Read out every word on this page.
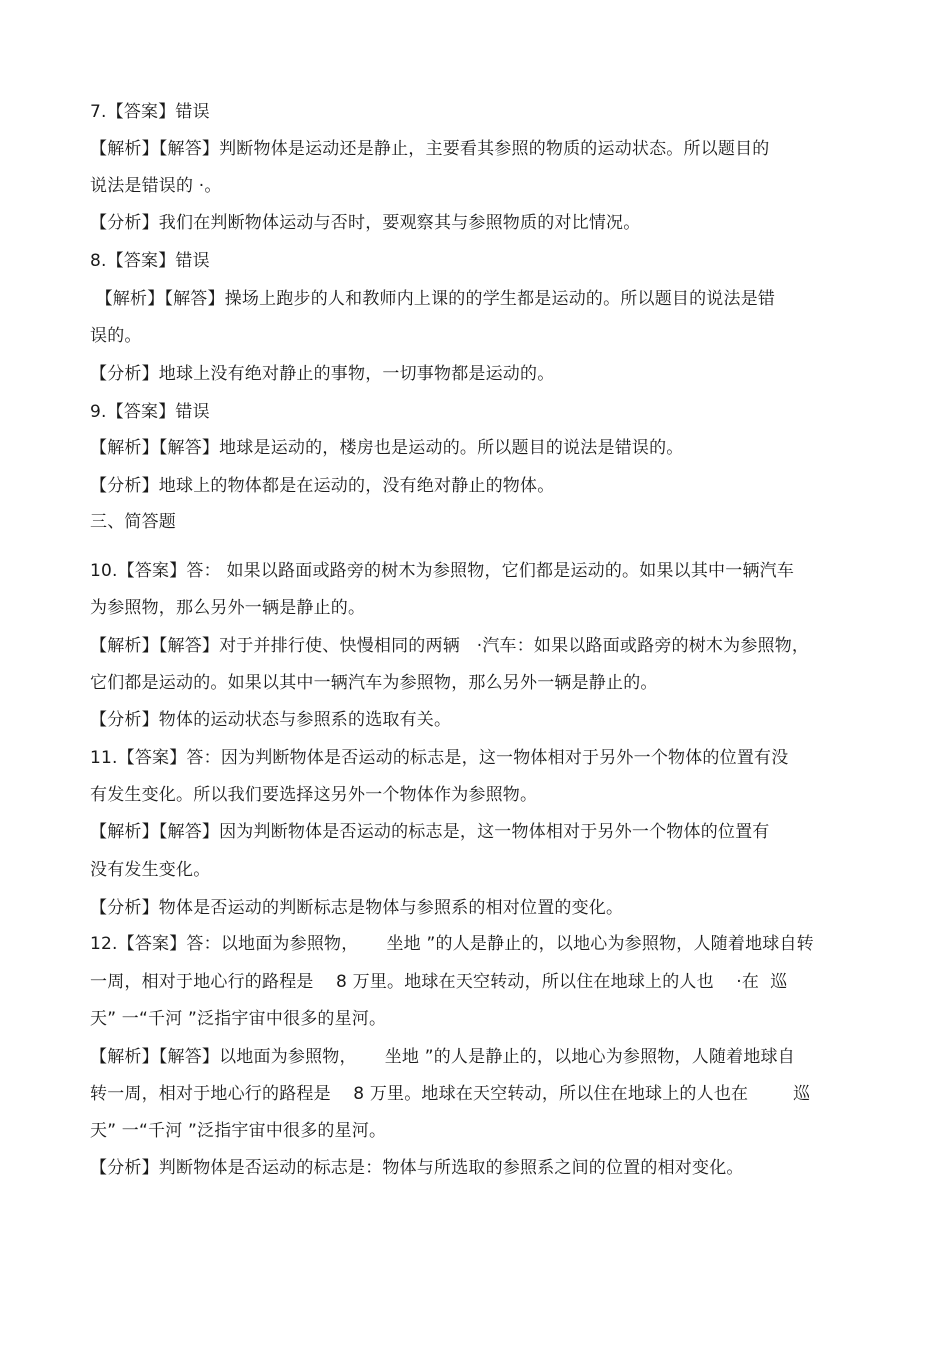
7.【答案】错误
【解析】【解答】判断物体是运动还是静止，主要看其参照的物质的运动状态。所以题目的
说法是错误的 ·。
【分析】我们在判断物体运动与否时，要观察其与参照物质的对比情况。
8.【答案】错误
【解析】【解答】操场上跑步的人和教师内上课的的学生都是运动的。所以题目的说法是错
误的。
【分析】地球上没有绝对静止的事物，一切事物都是运动的。
9.【答案】错误
【解析】【解答】地球是运动的，楼房也是运动的。所以题目的说法是错误的。
【分析】地球上的物体都是在运动的，没有绝对静止的物体。
三、简答题
10.【答案】答： 如果以路面或路旁的树木为参照物，它们都是运动的。如果以其中一辆汽车
为参照物，那么另外一辆是静止的。
【解析】【解答】对于并排行使、快慢相同的两辆   ·汽车：如果以路面或路旁的树木为参照物，
它们都是运动的。如果以其中一辆汽车为参照物，那么另外一辆是静止的。
【分析】物体的运动状态与参照系的选取有关。
11.【答案】答：因为判断物体是否运动的标志是，这一物体相对于另外一个物体的位置有没
有发生变化。所以我们要选择这另外一个物体作为参照物。
【解析】【解答】因为判断物体是否运动的标志是，这一物体相对于另外一个物体的位置有
没有发生变化。
【分析】物体是否运动的判断标志是物体与参照系的相对位置的变化。
12.【答案】答：以地面为参照物，     坐地 ”的人是静止的，以地心为参照物，人随着地球自转
一周，相对于地心行的路程是    8 万里。地球在天空转动，所以住在地球上的人也    ·在  巡
天” 一“千河 ”泛指宇宙中很多的星河。
【解析】【解答】以地面为参照物，     坐地 ”的人是静止的，以地心为参照物，人随着地球自
转一周，相对于地心行的路程是    8 万里。地球在天空转动，所以住在地球上的人也在        巡
天” 一“千河 ”泛指宇宙中很多的星河。
【分析】判断物体是否运动的标志是：物体与所选取的参照系之间的位置的相对变化。
